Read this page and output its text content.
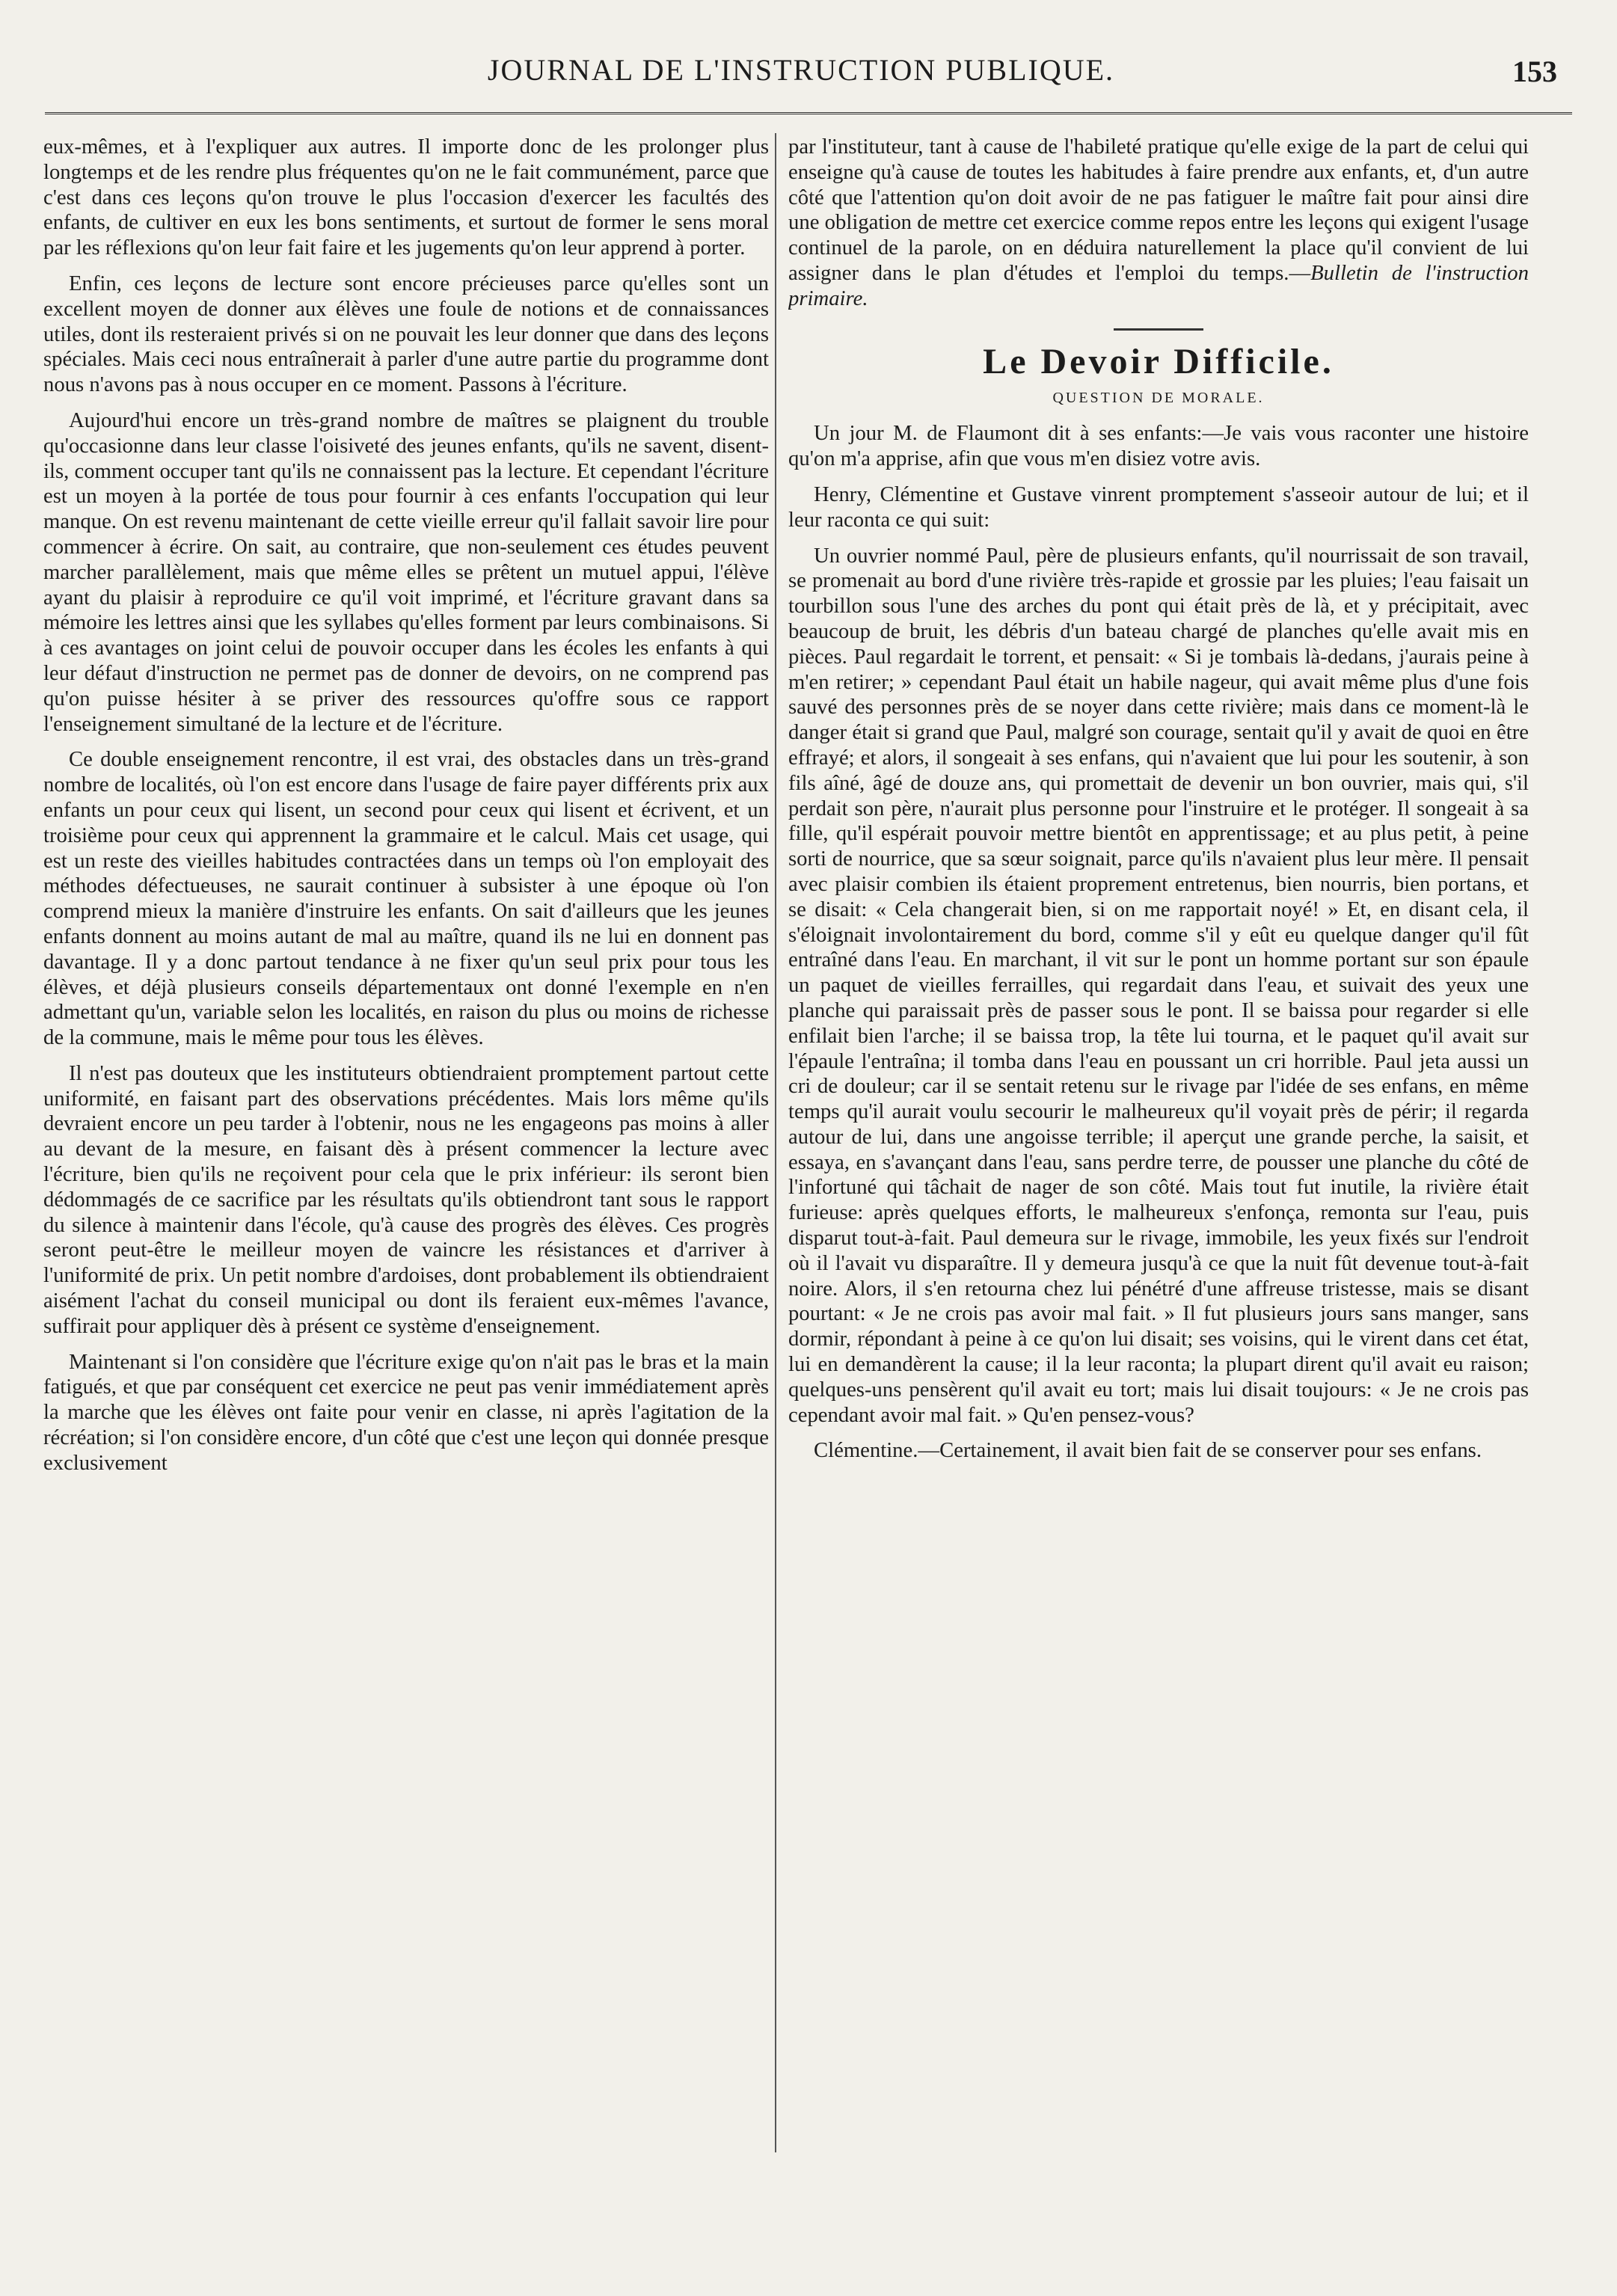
JOURNAL DE L'INSTRUCTION PUBLIQUE.	153

eux-mêmes, et à l'expliquer aux autres. Il importe donc de les prolonger plus longtemps et de les rendre plus fréquentes qu'on ne le fait communément, parce que c'est dans ces leçons qu'on trouve le plus l'occasion d'exercer les facultés des enfants, de cultiver en eux les bons sentiments, et surtout de former le sens moral par les réflexions qu'on leur fait faire et les jugements qu'on leur apprend à porter.

Enfin, ces leçons de lecture sont encore précieuses parce qu'elles sont un excellent moyen de donner aux élèves une foule de notions et de connaissances utiles, dont ils resteraient privés si on ne pouvait les leur donner que dans des leçons spéciales. Mais ceci nous entraînerait à parler d'une autre partie du programme dont nous n'avons pas à nous occuper en ce moment. Passons à l'écriture.

Aujourd'hui encore un très-grand nombre de maîtres se plaignent du trouble qu'occasionne dans leur classe l'oisiveté des jeunes enfants, qu'ils ne savent, disent-ils, comment occuper tant qu'ils ne connaissent pas la lecture. Et cependant l'écriture est un moyen à la portée de tous pour fournir à ces enfants l'occupation qui leur manque. On est revenu maintenant de cette vieille erreur qu'il fallait savoir lire pour commencer à écrire. On sait, au contraire, que non-seulement ces études peuvent marcher parallèlement, mais que même elles se prêtent un mutuel appui, l'élève ayant du plaisir à reproduire ce qu'il voit imprimé, et l'écriture gravant dans sa mémoire les lettres ainsi que les syllabes qu'elles forment par leurs combinaisons. Si à ces avantages on joint celui de pouvoir occuper dans les écoles les enfants à qui leur défaut d'instruction ne permet pas de donner de devoirs, on ne comprend pas qu'on puisse hésiter à se priver des ressources qu'offre sous ce rapport l'enseignement simultané de la lecture et de l'écriture.

Ce double enseignement rencontre, il est vrai, des obstacles dans un très-grand nombre de localités, où l'on est encore dans l'usage de faire payer différents prix aux enfants un pour ceux qui lisent, un second pour ceux qui lisent et écrivent, et un troisième pour ceux qui apprennent la grammaire et le calcul. Mais cet usage, qui est un reste des vieilles habitudes contractées dans un temps où l'on employait des méthodes défectueuses, ne saurait continuer à subsister à une époque où l'on comprend mieux la manière d'instruire les enfants. On sait d'ailleurs que les jeunes enfants donnent au moins autant de mal au maître, quand ils ne lui en donnent pas davantage. Il y a donc partout tendance à ne fixer qu'un seul prix pour tous les élèves, et déjà plusieurs conseils départementaux ont donné l'exemple en n'en admettant qu'un, variable selon les localités, en raison du plus ou moins de richesse de la commune, mais le même pour tous les élèves.

Il n'est pas douteux que les instituteurs obtiendraient promptement partout cette uniformité, en faisant part des observations précédentes. Mais lors même qu'ils devraient encore un peu tarder à l'obtenir, nous ne les engageons pas moins à aller au devant de la mesure, en faisant dès à présent commencer la lecture avec l'écriture, bien qu'ils ne reçoivent pour cela que le prix inférieur: ils seront bien dédommagés de ce sacrifice par les résultats qu'ils obtiendront tant sous le rapport du silence à maintenir dans l'école, qu'à cause des progrès des élèves. Ces progrès seront peut-être le meilleur moyen de vaincre les résistances et d'arriver à l'uniformité de prix. Un petit nombre d'ardoises, dont probablement ils obtiendraient aisément l'achat du conseil municipal ou dont ils feraient eux-mêmes l'avance, suffirait pour appliquer dès à présent ce système d'enseignement.

Maintenant si l'on considère que l'écriture exige qu'on n'ait pas le bras et la main fatigués, et que par conséquent cet exercice ne peut pas venir immédiatement après la marche que les élèves ont faite pour venir en classe, ni après l'agitation de la récréation; si l'on considère encore, d'un côté que c'est une leçon qui donnée presque exclusivement

par l'instituteur, tant à cause de l'habileté pratique qu'elle exige de la part de celui qui enseigne qu'à cause de toutes les habitudes à faire prendre aux enfants, et, d'un autre côté que l'attention qu'on doit avoir de ne pas fatiguer le maître fait pour ainsi dire une obligation de mettre cet exercice comme repos entre les leçons qui exigent l'usage continuel de la parole, on en déduira naturellement la place qu'il convient de lui assigner dans le plan d'études et l'emploi du temps.—Bulletin de l'instruction primaire.

Le Devoir Difficile.
QUESTION DE MORALE.

Un jour M. de Flaumont dit à ses enfants:—Je vais vous raconter une histoire qu'on m'a apprise, afin que vous m'en disiez votre avis.

Henry, Clémentine et Gustave vinrent promptement s'asseoir autour de lui; et il leur raconta ce qui suit:

Un ouvrier nommé Paul, père de plusieurs enfants, qu'il nourrissait de son travail, se promenait au bord d'une rivière très-rapide et grossie par les pluies; l'eau faisait un tourbillon sous l'une des arches du pont qui était près de là, et y précipitait, avec beaucoup de bruit, les débris d'un bateau chargé de planches qu'elle avait mis en pièces. Paul regardait le torrent, et pensait: « Si je tombais là-dedans, j'aurais peine à m'en retirer; » cependant Paul était un habile nageur, qui avait même plus d'une fois sauvé des personnes près de se noyer dans cette rivière; mais dans ce moment-là le danger était si grand que Paul, malgré son courage, sentait qu'il y avait de quoi en être effrayé; et alors, il songeait à ses enfans, qui n'avaient que lui pour les soutenir, à son fils aîné, âgé de douze ans, qui promettait de devenir un bon ouvrier, mais qui, s'il perdait son père, n'aurait plus personne pour l'instruire et le protéger. Il songeait à sa fille, qu'il espérait pouvoir mettre bientôt en apprentissage; et au plus petit, à peine sorti de nourrice, que sa sœur soignait, parce qu'ils n'avaient plus leur mère. Il pensait avec plaisir combien ils étaient proprement entretenus, bien nourris, bien portans, et se disait: « Cela changerait bien, si on me rapportait noyé! » Et, en disant cela, il s'éloignait involontairement du bord, comme s'il y eût eu quelque danger qu'il fût entraîné dans l'eau. En marchant, il vit sur le pont un homme portant sur son épaule un paquet de vieilles ferrailles, qui regardait dans l'eau, et suivait des yeux une planche qui paraissait près de passer sous le pont. Il se baissa pour regarder si elle enfilait bien l'arche; il se baissa trop, la tête lui tourna, et le paquet qu'il avait sur l'épaule l'entraîna; il tomba dans l'eau en poussant un cri horrible. Paul jeta aussi un cri de douleur; car il se sentait retenu sur le rivage par l'idée de ses enfans, en même temps qu'il aurait voulu secourir le malheureux qu'il voyait près de périr; il regarda autour de lui, dans une angoisse terrible; il aperçut une grande perche, la saisit, et essaya, en s'avançant dans l'eau, sans perdre terre, de pousser une planche du côté de l'infortuné qui tâchait de nager de son côté. Mais tout fut inutile, la rivière était furieuse: après quelques efforts, le malheureux s'enfonça, remonta sur l'eau, puis disparut tout-à-fait. Paul demeura sur le rivage, immobile, les yeux fixés sur l'endroit où il l'avait vu disparaître. Il y demeura jusqu'à ce que la nuit fût devenue tout-à-fait noire. Alors, il s'en retourna chez lui pénétré d'une affreuse tristesse, mais se disant pourtant: « Je ne crois pas avoir mal fait. » Il fut plusieurs jours sans manger, sans dormir, répondant à peine à ce qu'on lui disait; ses voisins, qui le virent dans cet état, lui en demandèrent la cause; il la leur raconta; la plupart dirent qu'il avait eu raison; quelques-uns pensèrent qu'il avait eu tort; mais lui disait toujours: « Je ne crois pas cependant avoir mal fait. » Qu'en pensez-vous?

Clémentine.—Certainement, il avait bien fait de se conserver pour ses enfans.
